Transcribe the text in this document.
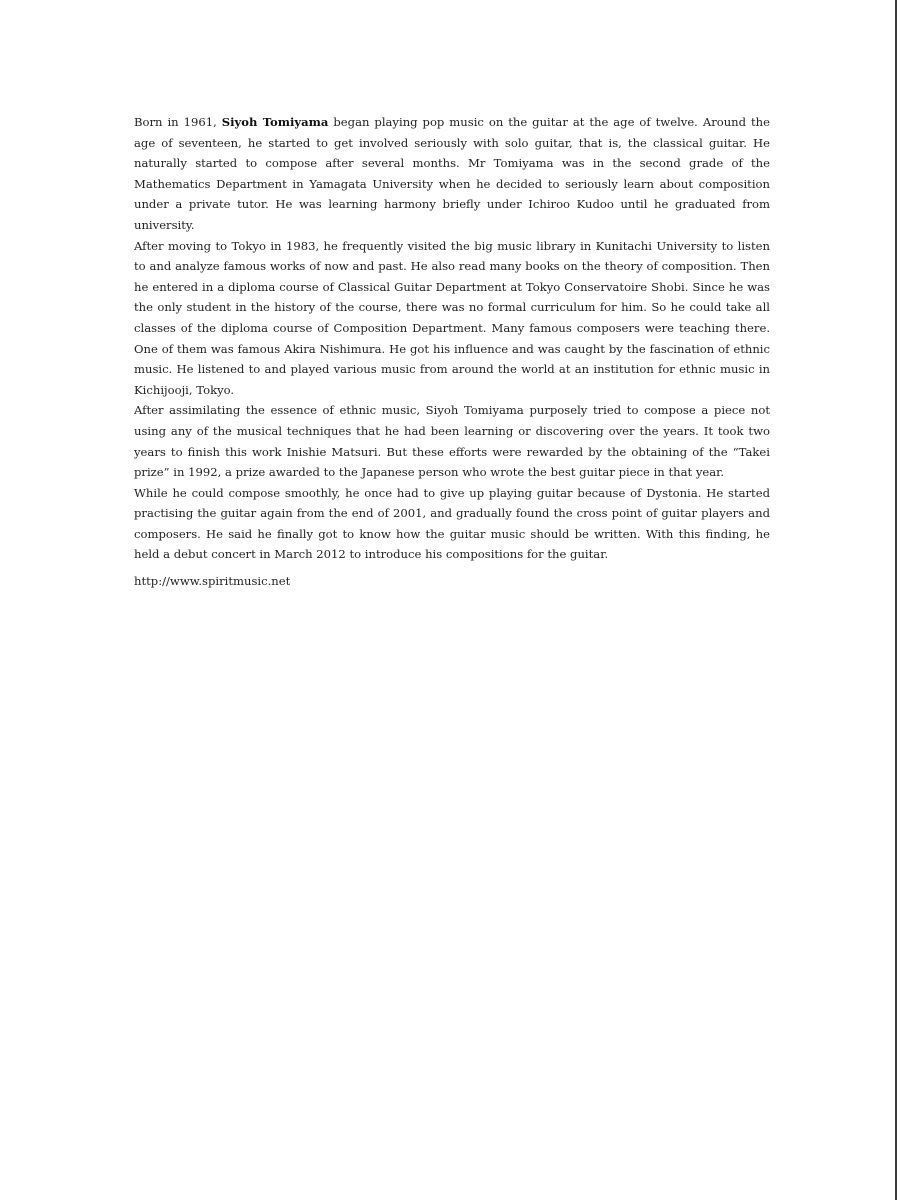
Born in 1961, Siyoh Tomiyama began playing pop music on the guitar at the age of twelve. Around the age of seventeen, he started to get involved seriously with solo guitar, that is, the classical guitar. He naturally started to compose after several months. Mr Tomiyama was in the second grade of the Mathematics Department in Yamagata University when he decided to seriously learn about composition under a private tutor. He was learning harmony briefly under Ichiroo Kudoo until he graduated from university.

After moving to Tokyo in 1983, he frequently visited the big music library in Kunitachi University to listen to and analyze famous works of now and past. He also read many books on the theory of composition. Then he entered in a diploma course of Classical Guitar Department at Tokyo Conservatoire Shobi. Since he was the only student in the history of the course, there was no formal curriculum for him. So he could take all classes of the diploma course of Composition Department. Many famous composers were teaching there. One of them was famous Akira Nishimura. He got his influence and was caught by the fascination of ethnic music. He listened to and played various music from around the world at an institution for ethnic music in Kichijooji, Tokyo.

After assimilating the essence of ethnic music, Siyoh Tomiyama purposely tried to compose a piece not using any of the musical techniques that he had been learning or discovering over the years. It took two years to finish this work Inishie Matsuri. But these efforts were rewarded by the obtaining of the “Takei prize” in 1992, a prize awarded to the Japanese person who wrote the best guitar piece in that year.

While he could compose smoothly, he once had to give up playing guitar because of Dystonia. He started practising the guitar again from the end of 2001, and gradually found the cross point of guitar players and composers. He said he finally got to know how the guitar music should be written. With this finding, he held a debut concert in March 2012 to introduce his compositions for the guitar.

http://www.spiritmusic.net
